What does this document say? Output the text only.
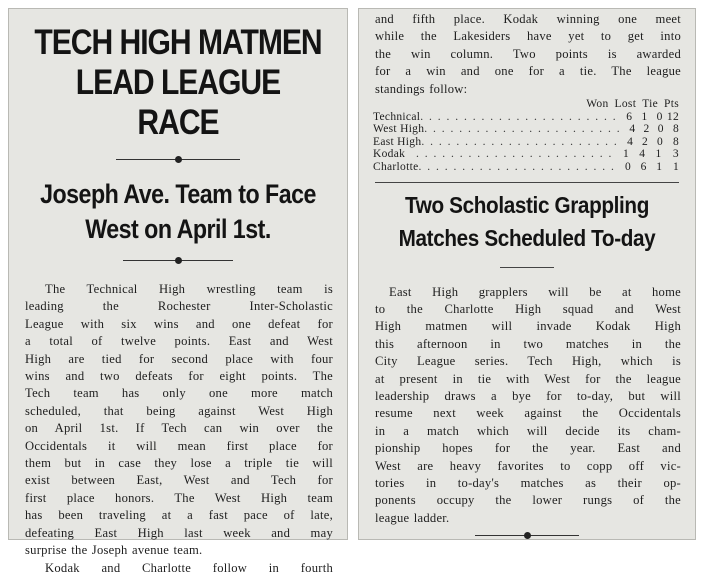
TECH HIGH MATMEN
LEAD LEAGUE RACE
Joseph Ave. Team to Face
West on April 1st.
The Technical High wrestling team is
leading the Rochester Inter-Scholastic
League with six wins and one defeat for
a total of twelve points. East and West
High are tied for second place with four
wins and two defeats for eight points. The
Tech team has only one more match
scheduled, that being against West High
on April 1st. If Tech can win over the
Occidentals it will mean first place for
them but in case they lose a triple tie will
exist between East, West and Tech for
first place honors. The West High team
has been traveling at a fast pace of late,
defeating East High last week and may
surprise the Joseph avenue team.
Kodak and Charlotte follow in fourth
and fifth place. Kodak winning one meet
while the Lakesiders have yet to get into
the win column. Two points is awarded
for a win and one for a tie. The league
standings follow:
Won Lost Tie Pts
Technical . . . . . . . . . . . . . . . . . . . . . . . 6 1 0 12
West High . . . . . . . . . . . . . . . . . . . . . . . 4 2 0 8
East High . . . . . . . . . . . . . . . . . . . . . . . 4 2 0 8
Kodak . . . . . . . . . . . . . . . . . . . . . . . 1 4 1 3
Charlotte . . . . . . . . . . . . . . . . . . . . . . . 0 6 1 1
Two Scholastic Grappling
Matches Scheduled To-day
East High grapplers will be at home
to the Charlotte High squad and West
High matmen will invade Kodak High
this afternoon in two matches in the
City League series. Tech High, which is
at present in tie with West for the league
leadership draws a bye for to-day, but will
resume next week against the Occidentals
in a match which will decide its cham-
pionship hopes for the year. East and
West are heavy favorites to copp off vic-
tories in to-day's matches as their op-
ponents occupy the lower rungs of the
league ladder.
